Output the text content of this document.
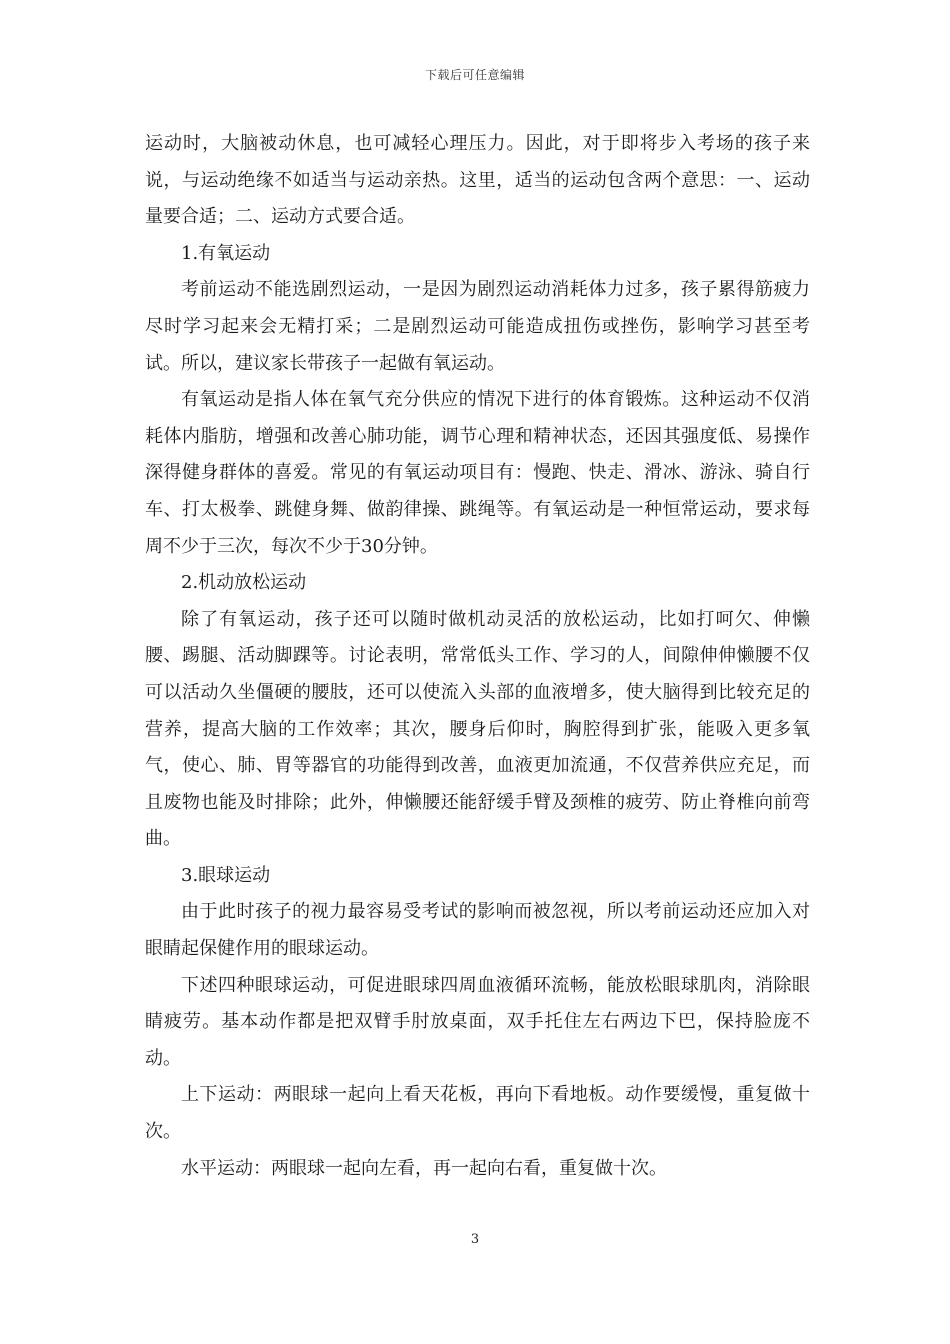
下载后可任意编辑

运动时，大脑被动休息，也可减轻心理压力。因此，对于即将步入考场的孩子来说，与运动绝缘不如适当与运动亲热。这里，适当的运动包含两个意思：一、运动量要合适；二、运动方式要合适。

1.有氧运动

考前运动不能选剧烈运动，一是因为剧烈运动消耗体力过多，孩子累得筋疲力尽时学习起来会无精打采；二是剧烈运动可能造成扭伤或挫伤，影响学习甚至考试。所以，建议家长带孩子一起做有氧运动。

有氧运动是指人体在氧气充分供应的情况下进行的体育锻炼。这种运动不仅消耗体内脂肪，增强和改善心肺功能，调节心理和精神状态，还因其强度低、易操作深得健身群体的喜爱。常见的有氧运动项目有：慢跑、快走、滑冰、游泳、骑自行车、打太极拳、跳健身舞、做韵律操、跳绳等。有氧运动是一种恒常运动，要求每周不少于三次，每次不少于30分钟。

2.机动放松运动

除了有氧运动，孩子还可以随时做机动灵活的放松运动，比如打呵欠、伸懒腰、踢腿、活动脚踝等。讨论表明，常常低头工作、学习的人，间隙伸伸懒腰不仅可以活动久坐僵硬的腰肢，还可以使流入头部的血液增多，使大脑得到比较充足的营养，提高大脑的工作效率；其次，腰身后仰时，胸腔得到扩张，能吸入更多氧气，使心、肺、胃等器官的功能得到改善，血液更加流通，不仅营养供应充足，而且废物也能及时排除；此外，伸懒腰还能舒缓手臂及颈椎的疲劳、防止脊椎向前弯曲。

3.眼球运动

由于此时孩子的视力最容易受考试的影响而被忽视，所以考前运动还应加入对眼睛起保健作用的眼球运动。

下述四种眼球运动，可促进眼球四周血液循环流畅，能放松眼球肌肉，消除眼睛疲劳。基本动作都是把双臂手肘放桌面，双手托住左右两边下巴，保持脸庞不动。

上下运动：两眼球一起向上看天花板，再向下看地板。动作要缓慢，重复做十次。

水平运动：两眼球一起向左看，再一起向右看，重复做十次。

3
